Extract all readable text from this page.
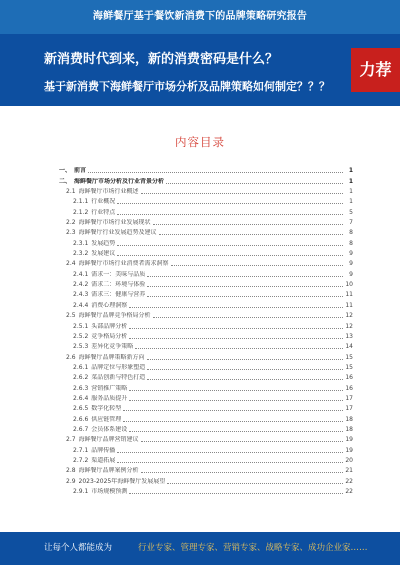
海鲜餐厅基于餐饮新消费下的品牌策略研究报告
新消费时代到来，新的消费密码是什么？
基于新消费下海鲜餐厅市场分析及品牌策略如何制定？？？
力荐
内容目录
一、 前言	1
二、 海鲜餐厅市场分析及行业背景分析	1
2.1 海鲜餐厅市场行业概述	1
2.1.1 行业概况	1
2.1.2 行业特点	5
2.2 海鲜餐厅市场行业发展现状	7
2.3 海鲜餐厅行业发展趋势及建议	8
2.3.1 发展趋势	8
2.3.2 发展建议	9
2.4 海鲜餐厅市场行业消费者需求洞察	9
2.4.1 需求一：美味与品质	9
2.4.2 需求二：环境与体验	10
2.4.3 需求三：健康与营养	11
2.4.4 消费心理洞察	11
2.5 海鲜餐厅品牌竞争格局分析	12
2.5.1 头部品牌分析	12
2.5.2 竞争格局分析	13
2.5.3 差异化竞争策略	14
2.6 海鲜餐厅品牌策略新方向	15
2.6.1 品牌定位与形象塑造	15
2.6.2 菜品创新与特色打造	16
2.6.3 营销推广策略	16
2.6.4 服务品质提升	17
2.6.5 数字化转型	17
2.6.6 供应链管理	18
2.6.7 会员体系建设	18
2.7 海鲜餐厅品牌营销建议	19
2.7.1 品牌传播	19
2.7.2 渠道拓展	20
2.8 海鲜餐厅品牌案例分析	21
2.9 2023-2025年海鲜餐厅发展展望	22
2.9.1 市场规模预测	22
让每个人都能成为	行业专家、管理专家、营销专家、战略专家、成功企业家……
